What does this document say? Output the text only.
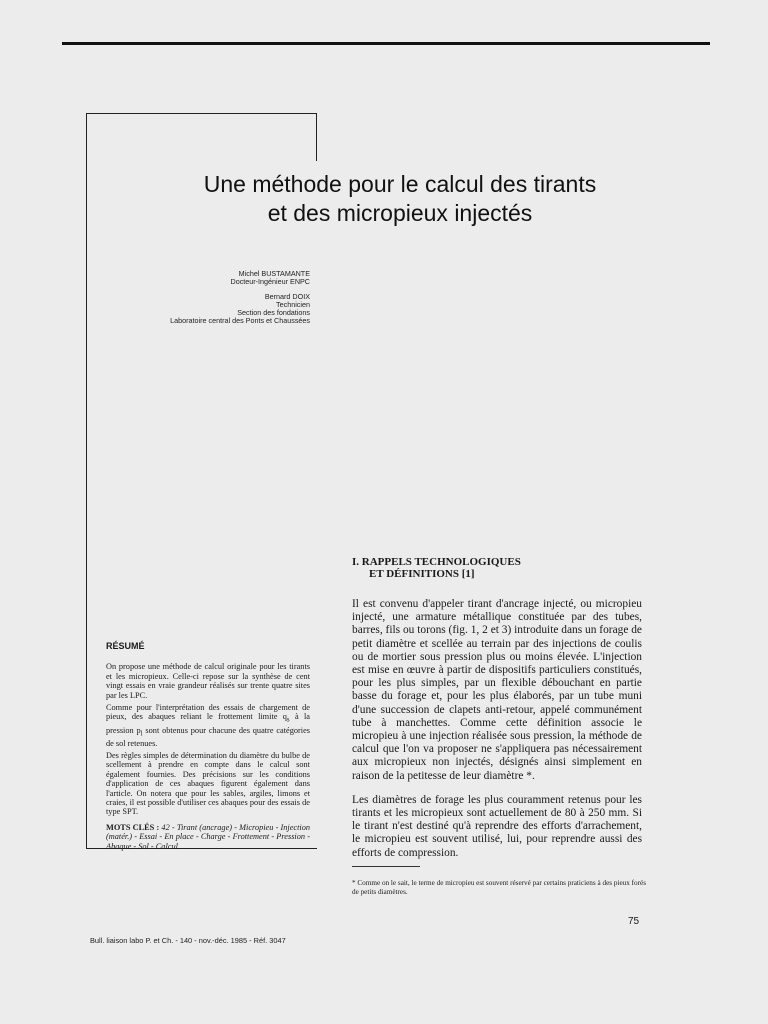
Une méthode pour le calcul des tirants
et des micropieux injectés
Michel BUSTAMANTE
Docteur-Ingénieur ENPC
Bernard DOIX
Technicien
Section des fondations
Laboratoire central des Ponts et Chaussées
RÉSUMÉ

On propose une méthode de calcul originale pour les tirants et les micropieux. Celle-ci repose sur la synthèse de cent vingt essais en vraie grandeur réalisés sur trente quatre sites par les LPC.

Comme pour l'interprétation des essais de chargement de pieux, des abaques reliant le frottement limite $q_s$ à la pression $p_l$ sont obtenus pour chacune des quatre catégories de sol retenues.

Des règles simples de détermination du diamètre du bulbe de scellement à prendre en compte dans le calcul sont également fournies. Des précisions sur les conditions d'application de ces abaques figurent également dans l'article. On notera que pour les sables, argiles, limons et craies, il est possible d'utiliser ces abaques pour des essais de type SPT.

MOTS CLÉS : 42 - Tirant (ancrage) - Micropieu - Injection (matér.) - Essai - En place - Charge - Frottement - Pression - Abaque - Sol - Calcul.

I. RAPPELS TECHNOLOGIQUES
ET DÉFINITIONS [1]

Il est convenu d'appeler tirant d'ancrage injecté, ou micropieu injecté, une armature métallique constituée par des tubes, barres, fils ou torons (fig. 1, 2 et 3) introduite dans un forage de petit diamètre et scellée au terrain par des injections de coulis ou de mortier sous pression plus ou moins élevée. L'injection est mise en œuvre à partir de dispositifs particuliers constitués, pour les plus simples, par un flexible débouchant en partie basse du forage et, pour les plus élaborés, par un tube muni d'une succession de clapets anti-retour, appelé communément tube à manchettes. Comme cette définition associe le micropieu à une injection réalisée sous pression, la méthode de calcul que l'on va proposer ne s'appliquera pas nécessairement aux micropieux non injectés, désignés ainsi simplement en raison de la petitesse de leur diamètre *.

Les diamètres de forage les plus couramment retenus pour les tirants et les micropieux sont actuellement de 80 à 250 mm. Si le tirant n'est destiné qu'à reprendre des efforts d'arrachement, le micropieu est souvent utilisé, lui, pour reprendre aussi des efforts de compression.

* Comme on le sait, le terme de micropieu est souvent réservé par certains praticiens à des pieux forés de petits diamètres.
75
Bull. liaison labo P. et Ch. - 140 - nov.-déc. 1985 - Réf. 3047
